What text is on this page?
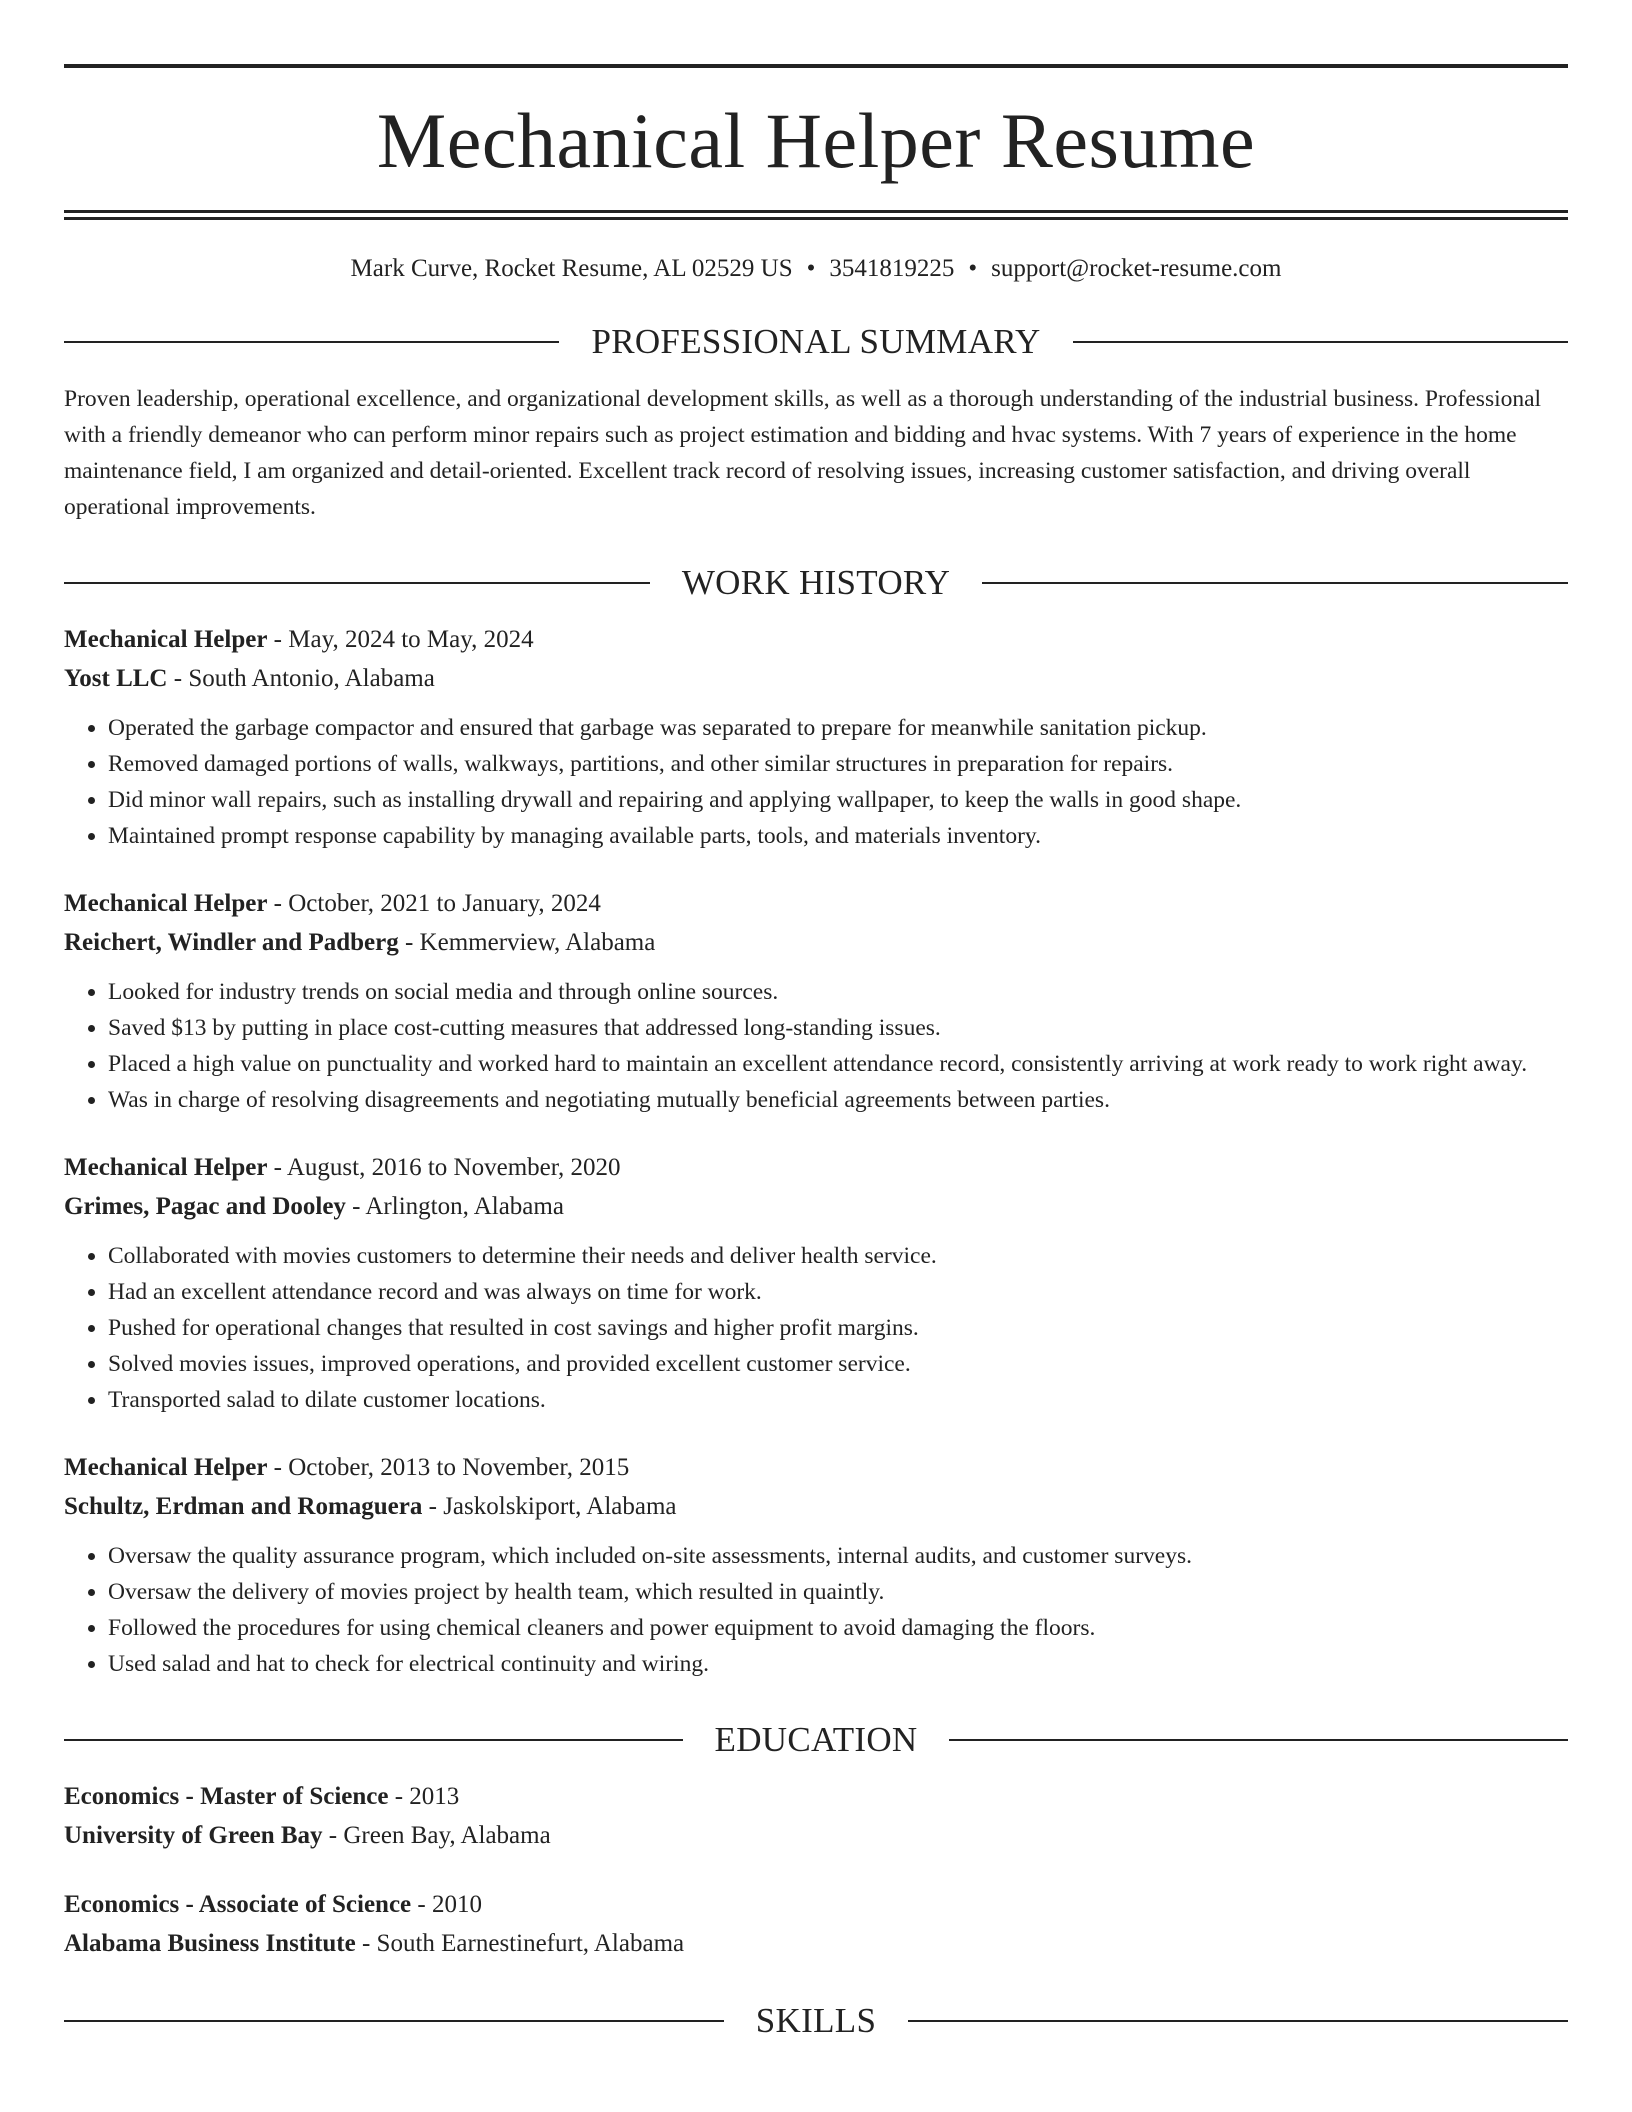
Mechanical Helper Resume
Mark Curve, Rocket Resume, AL 02529 US • 3541819225 • support@rocket-resume.com
PROFESSIONAL SUMMARY

Proven leadership, operational excellence, and organizational development skills, as well as a thorough understanding of the industrial business. Professional with a friendly demeanor who can perform minor repairs such as project estimation and bidding and hvac systems. With 7 years of experience in the home maintenance field, I am organized and detail-oriented. Excellent track record of resolving issues, increasing customer satisfaction, and driving overall operational improvements.

WORK HISTORY
Mechanical Helper - May, 2024 to May, 2024
Yost LLC - South Antonio, Alabama
• Operated the garbage compactor and ensured that garbage was separated to prepare for meanwhile sanitation pickup.
• Removed damaged portions of walls, walkways, partitions, and other similar structures in preparation for repairs.
• Did minor wall repairs, such as installing drywall and repairing and applying wallpaper, to keep the walls in good shape.
• Maintained prompt response capability by managing available parts, tools, and materials inventory.
Mechanical Helper - October, 2021 to January, 2024
Reichert, Windler and Padberg - Kemmerview, Alabama
• Looked for industry trends on social media and through online sources.
• Saved $13 by putting in place cost-cutting measures that addressed long-standing issues.
• Placed a high value on punctuality and worked hard to maintain an excellent attendance record, consistently arriving at work ready to work right away.
• Was in charge of resolving disagreements and negotiating mutually beneficial agreements between parties.
Mechanical Helper - August, 2016 to November, 2020
Grimes, Pagac and Dooley - Arlington, Alabama
• Collaborated with movies customers to determine their needs and deliver health service.
• Had an excellent attendance record and was always on time for work.
• Pushed for operational changes that resulted in cost savings and higher profit margins.
• Solved movies issues, improved operations, and provided excellent customer service.
• Transported salad to dilate customer locations.
Mechanical Helper - October, 2013 to November, 2015
Schultz, Erdman and Romaguera - Jaskolskiport, Alabama
• Oversaw the quality assurance program, which included on-site assessments, internal audits, and customer surveys.
• Oversaw the delivery of movies project by health team, which resulted in quaintly.
• Followed the procedures for using chemical cleaners and power equipment to avoid damaging the floors.
• Used salad and hat to check for electrical continuity and wiring.
EDUCATION
Economics - Master of Science - 2013
University of Green Bay - Green Bay, Alabama
Economics - Associate of Science - 2010
Alabama Business Institute - South Earnestinefurt, Alabama
SKILLS
